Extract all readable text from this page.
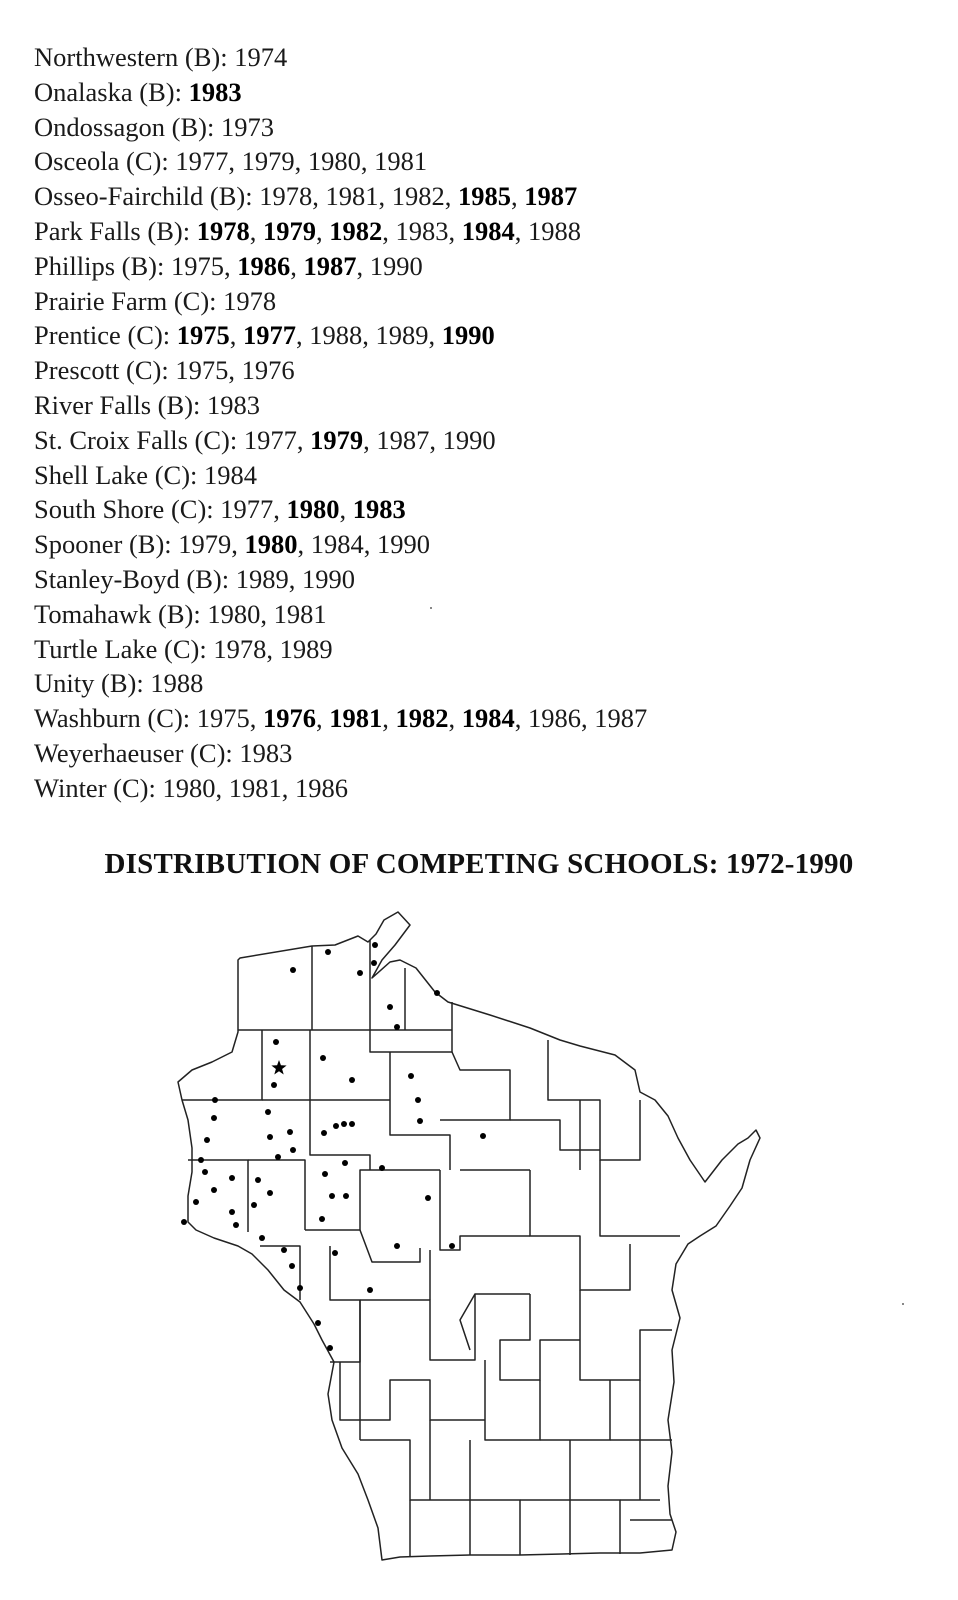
Northwestern (B): 1974
Onalaska (B): 1983
Ondossagon (B): 1973
Osceola (C): 1977, 1979, 1980, 1981
Osseo-Fairchild (B): 1978, 1981, 1982, 1985, 1987
Park Falls (B): 1978, 1979, 1982, 1983, 1984, 1988
Phillips (B): 1975, 1986, 1987, 1990
Prairie Farm (C): 1978
Prentice (C): 1975, 1977, 1988, 1989, 1990
Prescott (C): 1975, 1976
River Falls (B): 1983
St. Croix Falls (C): 1977, 1979, 1987, 1990
Shell Lake (C): 1984
South Shore (C): 1977, 1980, 1983
Spooner (B): 1979, 1980, 1984, 1990
Stanley-Boyd (B): 1989, 1990
Tomahawk (B): 1980, 1981
Turtle Lake (C): 1978, 1989
Unity (B): 1988
Washburn (C): 1975, 1976, 1981, 1982, 1984, 1986, 1987
Weyerhaeuser (C): 1983
Winter (C): 1980, 1981, 1986
DISTRIBUTION OF COMPETING SCHOOLS: 1972-1990
